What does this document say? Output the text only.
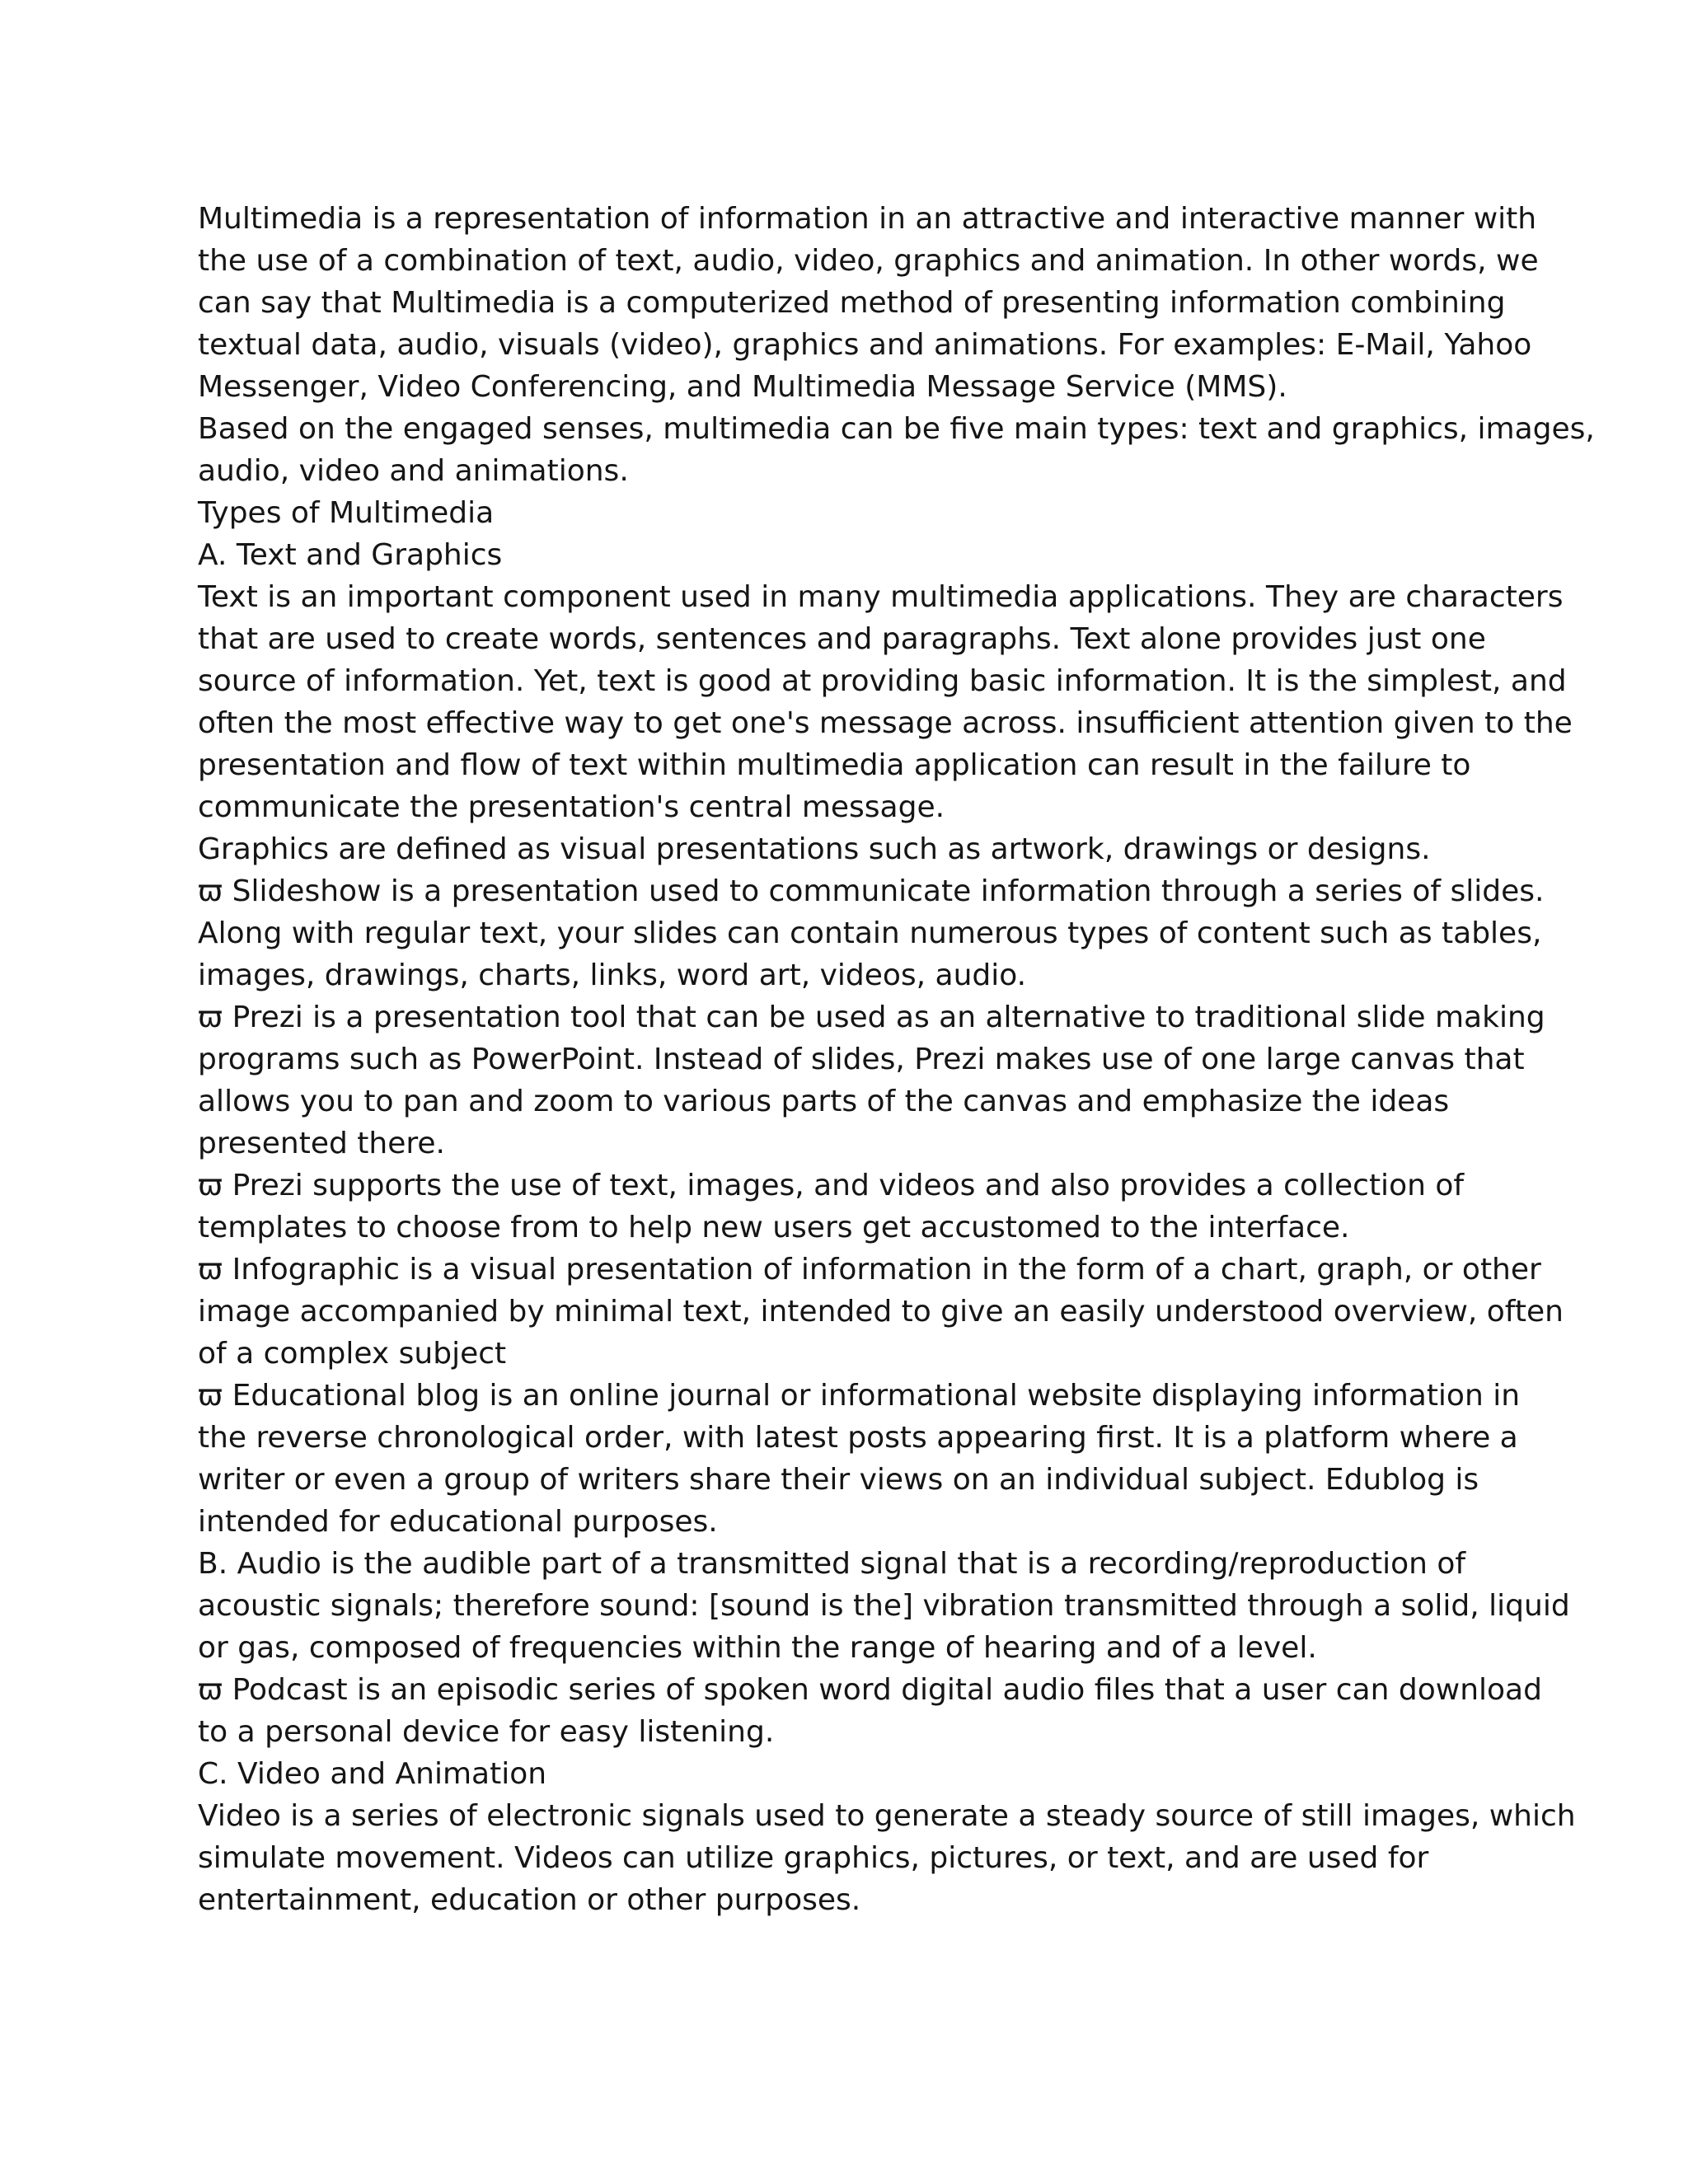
Multimedia is a representation of information in an attractive and interactive manner with
the use of a combination of text, audio, video, graphics and animation. In other words, we
can say that Multimedia is a computerized method of presenting information combining
textual data, audio, visuals (video), graphics and animations. For examples: E-Mail, Yahoo
Messenger, Video Conferencing, and Multimedia Message Service (MMS).
Based on the engaged senses, multimedia can be five main types: text and graphics, images,
audio, video and animations.
Types of Multimedia
A. Text and Graphics
Text is an important component used in many multimedia applications. They are characters
that are used to create words, sentences and paragraphs. Text alone provides just one
source of information. Yet, text is good at providing basic information. It is the simplest, and
often the most effective way to get one's message across. insufficient attention given to the
presentation and flow of text within multimedia application can result in the failure to
communicate the presentation's central message.
Graphics are defined as visual presentations such as artwork, drawings or designs.
ϖ Slideshow is a presentation used to communicate information through a series of slides.
Along with regular text, your slides can contain numerous types of content such as tables,
images, drawings, charts, links, word art, videos, audio.
ϖ Prezi is a presentation tool that can be used as an alternative to traditional slide making
programs such as PowerPoint. Instead of slides, Prezi makes use of one large canvas that
allows you to pan and zoom to various parts of the canvas and emphasize the ideas
presented there.
ϖ Prezi supports the use of text, images, and videos and also provides a collection of
templates to choose from to help new users get accustomed to the interface.
ϖ Infographic is a visual presentation of information in the form of a chart, graph, or other
image accompanied by minimal text, intended to give an easily understood overview, often
of a complex subject
ϖ Educational blog is an online journal or informational website displaying information in
the reverse chronological order, with latest posts appearing first. It is a platform where a
writer or even a group of writers share their views on an individual subject. Edublog is
intended for educational purposes.
B. Audio is the audible part of a transmitted signal that is a recording/reproduction of
acoustic signals; therefore sound: [sound is the] vibration transmitted through a solid, liquid
or gas, composed of frequencies within the range of hearing and of a level.
ϖ Podcast is an episodic series of spoken word digital audio files that a user can download
to a personal device for easy listening.
C. Video and Animation
Video is a series of electronic signals used to generate a steady source of still images, which
simulate movement. Videos can utilize graphics, pictures, or text, and are used for
entertainment, education or other purposes.
